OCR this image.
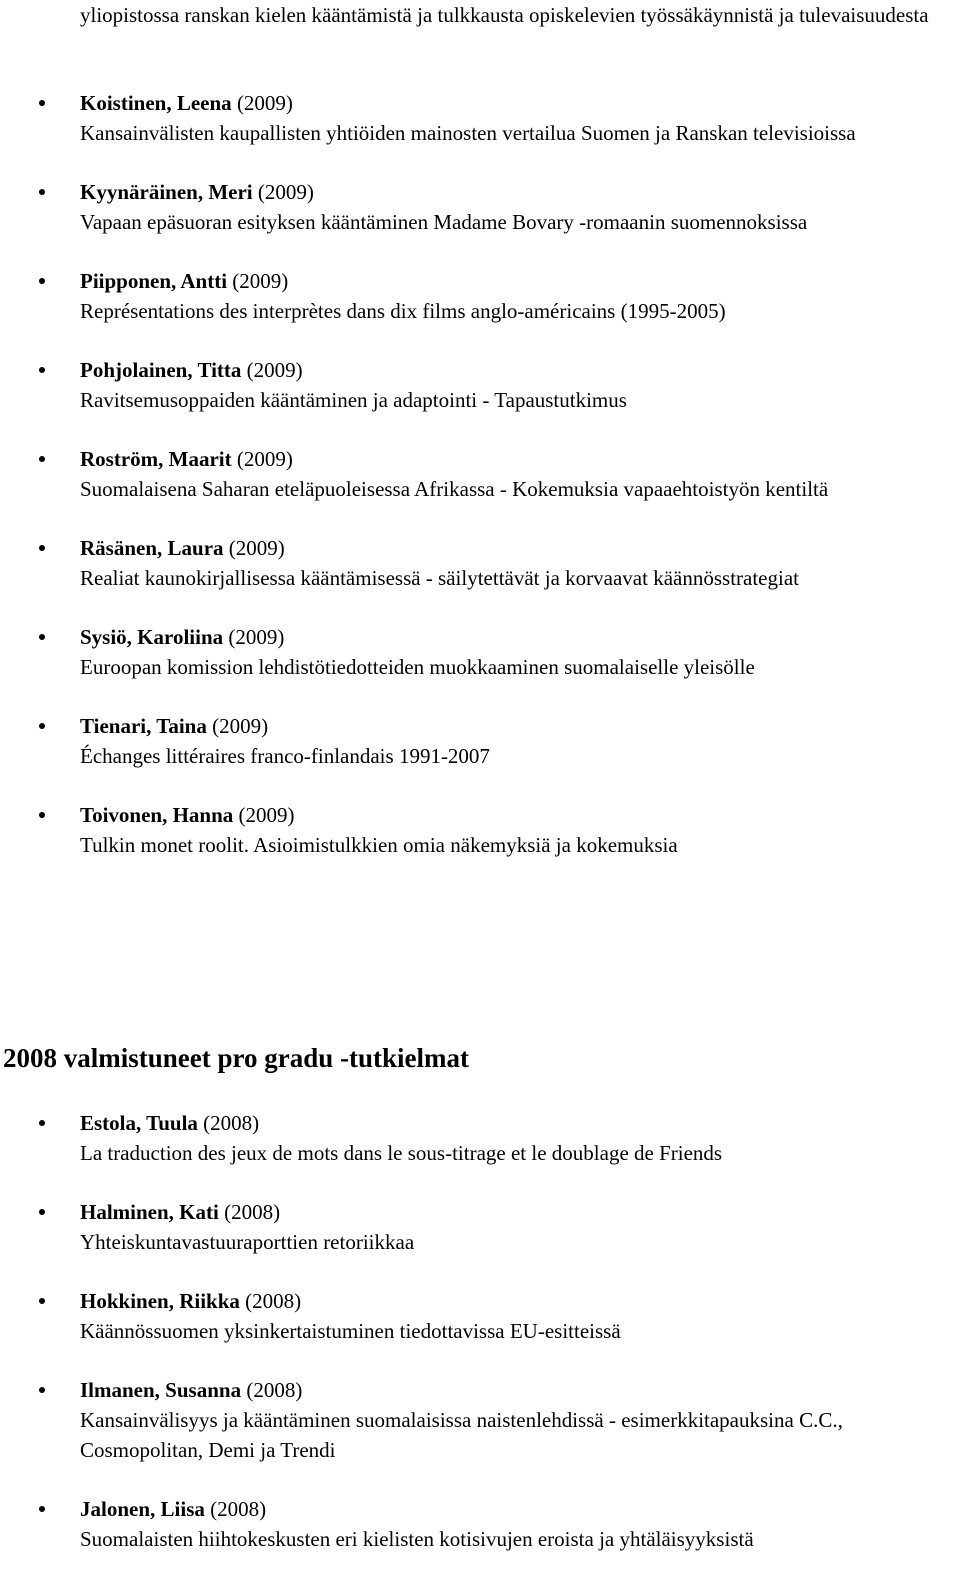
yliopistossa ranskan kielen kääntämistä ja tulkkausta opiskelevien työssäkäynnistä ja tulevaisuudesta
Koistinen, Leena (2009)
Kansainvälisten kaupallisten yhtiöiden mainosten vertailua Suomen ja Ranskan televisioissa
Kyynäräinen, Meri (2009)
Vapaan epäsuoran esityksen kääntäminen Madame Bovary -romaanin suomennoksissa
Piipponen, Antti (2009)
Représentations des interprètes dans dix films anglo-américains (1995-2005)
Pohjolainen, Titta (2009)
Ravitsemusoppaiden kääntäminen ja adaptointi - Tapaustutkimus
Roström, Maarit (2009)
Suomalaisena Saharan eteläpuoleisessa Afrikassa - Kokemuksia vapaaehtoistyön kentiltä
Räsänen, Laura (2009)
Realiat kaunokirjallisessa kääntämisessä - säilytettävät ja korvaavat käännösstrategiat
Sysiö, Karoliina (2009)
Euroopan komission lehdistötiedotteiden muokkaaminen suomalaiselle yleisölle
Tienari, Taina (2009)
Échanges littéraires franco-finlandais 1991-2007
Toivonen, Hanna (2009)
Tulkin monet roolit. Asioimistulkkien omia näkemyksiä ja kokemuksia
2008 valmistuneet pro gradu -tutkielmat
Estola, Tuula (2008)
La traduction des jeux de mots dans le sous-titrage et le doublage de Friends
Halminen, Kati (2008)
Yhteiskuntavastuuraporttien retoriikkaa
Hokkinen, Riikka (2008)
Käännössuomen yksinkertaistuminen tiedottavissa EU-esitteissä
Ilmanen, Susanna (2008)
Kansainvälisyys ja kääntäminen suomalaisissa naistenlehdissä - esimerkkitapauksina C.C., Cosmopolitan, Demi ja Trendi
Jalonen, Liisa (2008)
Suomalaisten hiihtokeskusten eri kielisten kotisivujen eroista ja yhtäläisyyksistä
